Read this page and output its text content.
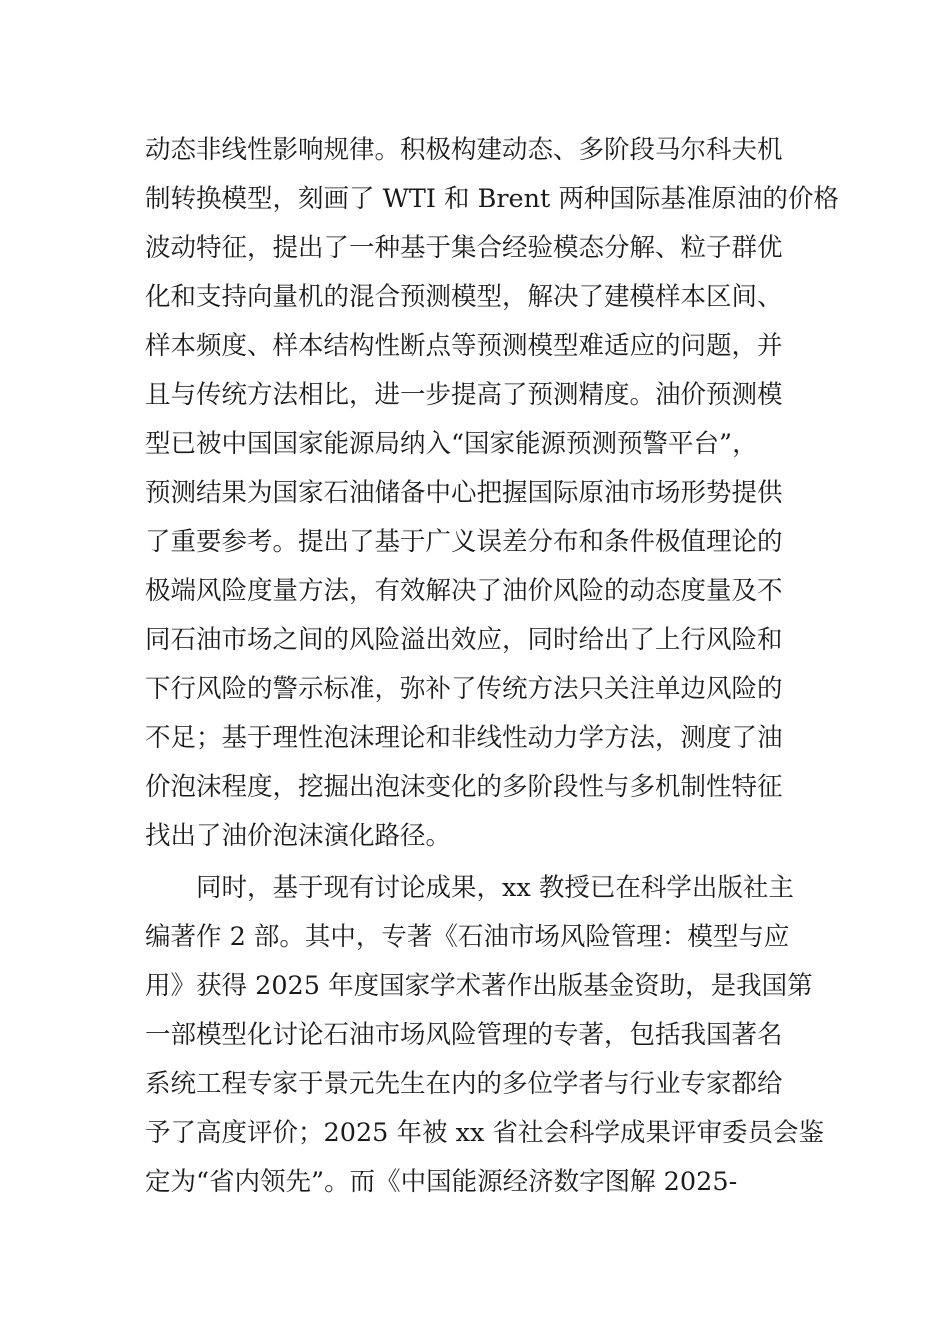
动态非线性影响规律。积极构建动态、多阶段马尔科夫机
制转换模型，刻画了 WTI 和 Brent 两种国际基准原油的价格
波动特征，提出了一种基于集合经验模态分解、粒子群优
化和支持向量机的混合预测模型，解决了建模样本区间、
样本频度、样本结构性断点等预测模型难适应的问题，并
且与传统方法相比，进一步提高了预测精度。油价预测模
型已被中国国家能源局纳入“国家能源预测预警平台”，
预测结果为国家石油储备中心把握国际原油市场形势提供
了重要参考。提出了基于广义误差分布和条件极值理论的
极端风险度量方法，有效解决了油价风险的动态度量及不
同石油市场之间的风险溢出效应，同时给出了上行风险和
下行风险的警示标准，弥补了传统方法只关注单边风险的
不足；基于理性泡沫理论和非线性动力学方法，测度了油
价泡沫程度，挖掘出泡沫变化的多阶段性与多机制性特征
找出了油价泡沫演化路径。
　　同时，基于现有讨论成果，xx 教授已在科学出版社主
编著作 2 部。其中，专著《石油市场风险管理：模型与应
用》获得 2025 年度国家学术著作出版基金资助，是我国第
一部模型化讨论石油市场风险管理的专著，包括我国著名
系统工程专家于景元先生在内的多位学者与行业专家都给
予了高度评价；2025 年被 xx 省社会科学成果评审委员会鉴
定为“省内领先”。而《中国能源经济数字图解 2025-
